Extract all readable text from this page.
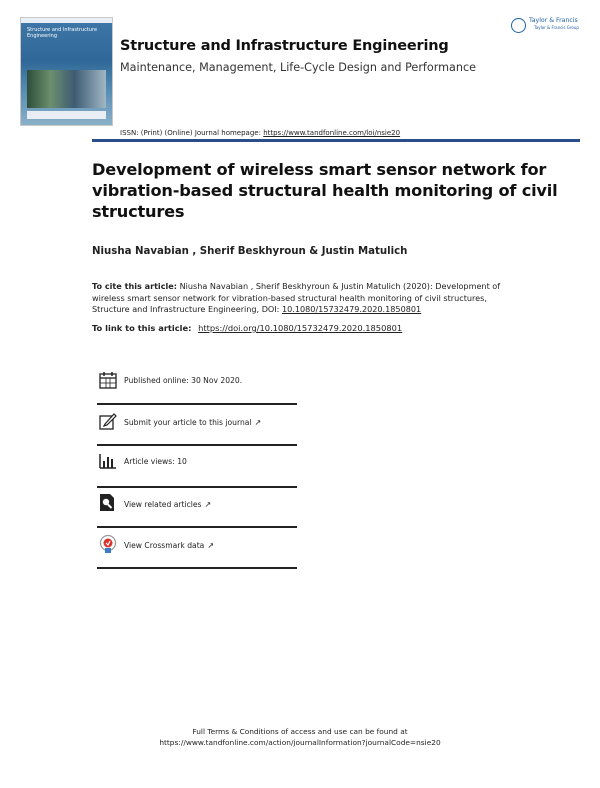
Structure and Infrastructure Engineering
Structure and Infrastructure Engineering
Maintenance, Management, Life-Cycle Design and Performance
ISSN: (Print) (Online) Journal homepage: https://www.tandfonline.com/loi/nsie20
Taylor & Francis
Taylor & Francis Group
Development of wireless smart sensor network for vibration-based structural health monitoring of civil structures
Niusha Navabian , Sherif Beskhyroun & Justin Matulich
To cite this article: Niusha Navabian , Sherif Beskhyroun & Justin Matulich (2020): Development of wireless smart sensor network for vibration-based structural health monitoring of civil structures, Structure and Infrastructure Engineering, DOI: 10.1080/15732479.2020.1850801
To link to this article: https://doi.org/10.1080/15732479.2020.1850801
Published online: 30 Nov 2020.
Submit your article to this journal ↗
Article views: 10
View related articles ↗
View Crossmark data ↗
Full Terms & Conditions of access and use can be found at
https://www.tandfonline.com/action/journalInformation?journalCode=nsie20
